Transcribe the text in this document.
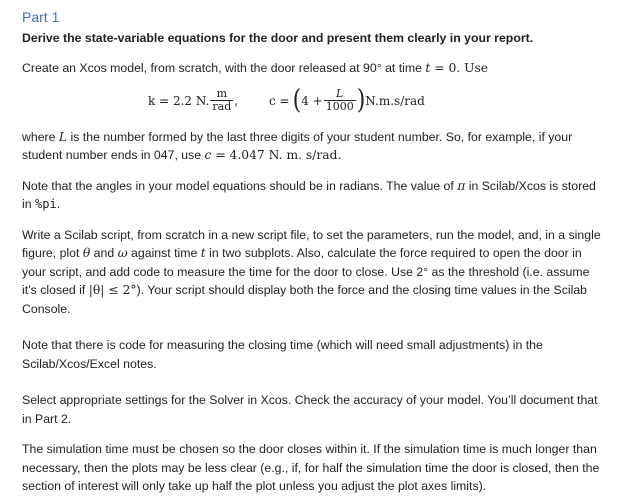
Part 1
Derive the state-variable equations for the door and present them clearly in your report.

Create an Xcos model, from scratch, with the door released at 90° at time t = 0. Use

k = 2.2 N. $\frac{m}{\text{rad}}$ ,	c = ( $4 + \frac{L}{1000}$ ) N.m.s/rad

where L is the number formed by the last three digits of your student number. So, for example, if your student number ends in 047, use c = 4.047 N. m. s/rad.

Note that the angles in your model equations should be in radians. The value of π in Scilab/Xcos is stored in %pi.

Write a Scilab script, from scratch in a new script file, to set the parameters, run the model, and, in a single figure, plot θ and ω against time t in two subplots. Also, calculate the force required to open the door in your script, and add code to measure the time for the door to close. Use 2° as the threshold (i.e. assume it’s closed if |θ| ≤ 2°). Your script should display both the force and the closing time values in the Scilab Console.

Note that there is code for measuring the closing time (which will need small adjustments) in the Scilab/Xcos/Excel notes.

Select appropriate settings for the Solver in Xcos. Check the accuracy of your model. You’ll document that in Part 2.

The simulation time must be chosen so the door closes within it. If the simulation time is much longer than necessary, then the plots may be less clear (e.g., if, for half the simulation time the door is closed, then the section of interest will only take up half the plot unless you adjust the plot axes limits).
